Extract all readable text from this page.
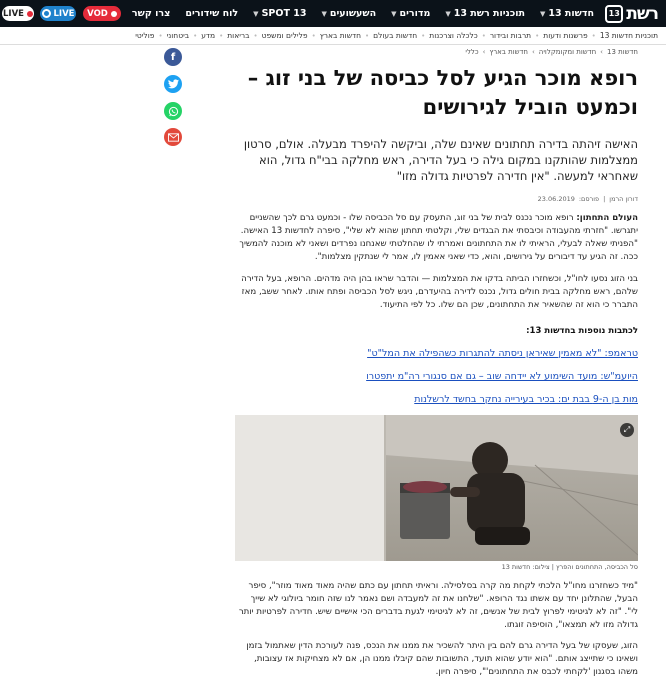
13 רשת
חדשות 13
▼
תוכניות רשת 13
▼
מדורים
▼
השעשועים
▼
SPOT 13
▼
לוח שידורים
צרו קשר
VOD
LIVE
LIVE
תוכניות חדשות 13
•
פרשנות ודעות
•
תרבות ובידור
•
כלכלה וצרכנות
•
חדשות בעולם
•
חדשות בארץ
•
פלילים ומשפט
•
בריאות
•
מדע
•
ביטחוני
•
פוליטי
f	חדשות 13
›
חדשות ומקומקלויה
›
חדשות בארץ
›
כללי
רופא מוכר הגיע לסל כביסה של בני זוג – וכמעט הוביל לגירושים

האישה זיהתה בדירה תחתונים שאינם שלה, וביקשה להיפרד מבעלה. אולם, סרטון ממצלמות שהותקנו במקום גילה כי בעל הדירה, ראש מחלקה בבי"ח גדול, הוא שאחראי למעשה. "אין חדירה לפרטיות גדולה מזו"

דורון הרמן
|
פורסם:
23.06.2019

העולם התחתון: רופא מוכר נכנס לבית של בני זוג, התעסק עם סל הכביסה שלו - וכמעט גרם לכך שהשניים יתגרשו. "חזרתי מהעבודה וכיבסתי את הבגדים שלי, וקלטתי תחתון שהוא לא שלי", סיפרה לחדשות 13 האישה. "הפניתי שאלה לבעלי, הראיתי לו את התחתונים ואמרתי לו שהחלטתי שאנחנו נפרדים ושאני לא מוכנה להמשיך ככה. זה הגיע עד דיבורים על גירושים, והוא, כדי שאני אאמין לו, אמר לי שנתקין מצלמות".

בני הזוג נסעו לחו"ל, וכשחזרו הביתה בדקו את המצלמות — והדבר שראו בהן היה מדהים. הרופא, בעל הדירה שלהם, ראש מחלקה בבית חולים גדול, נכנס לדירה בהיעדרם, ניגש לסל הכביסה ופתח אותו. לאחר ששב, מאז התברר כי הוא זה שהשאיר את התחתונים, שכן הם שלו. כל לפי התיעוד.

לכתבות נוספות בחדשות 13:
טראמפ: "לא מאמין שאיראן ניסתה להתגרות כשהפילה את המל"ט"
היועמ"ש: מועד השימוע לא יידחה שוב – גם אם סנגורי רה"מ יתפטרו
מות בן ה-9 בבת ים: בכיר בעירייה נחקר בחשד לרשלנות
⤢
סל הכביסה, התחתונים והפרץ | צילום: חדשות 13

"מיד כשחזרנו מחו"ל הלכתי לקחת מה קרה בסלסילה. וראיתי תחתון עם כתם שהיה מאוד מאוד מוזר", סיפר הבעל, שהתלונן יחד עם אשתו נגד הרופא. "שלחנו את זה למעבדה ושם נאמר לנו שזה חומר ביולוגי לא שייך לי". "זה לא לגיטימי לפרוץ לבית של אנשים, זה לא לגיטימי לגעת בדברים הכי אישיים שיש. חדירה לפרטיות יותר גדולה מזו לא תמצאו", הוסיפה זוגתו.

הזוג, שעסקו של בעל הדירה גרם להם בין היתר להשכיר את ממנו את הנכס, פנה לעורכת הדין שאתמול בזמן ושאינו כי שתייצג אותם. "הוא יודע שהוא תועד, התשובות שהם קיבלו ממנו הן, אם לא מצחיקות אז עצובות, משהו בסגנון 'לקחתי לכבס את התחתונים'", סיפרה חיון.
